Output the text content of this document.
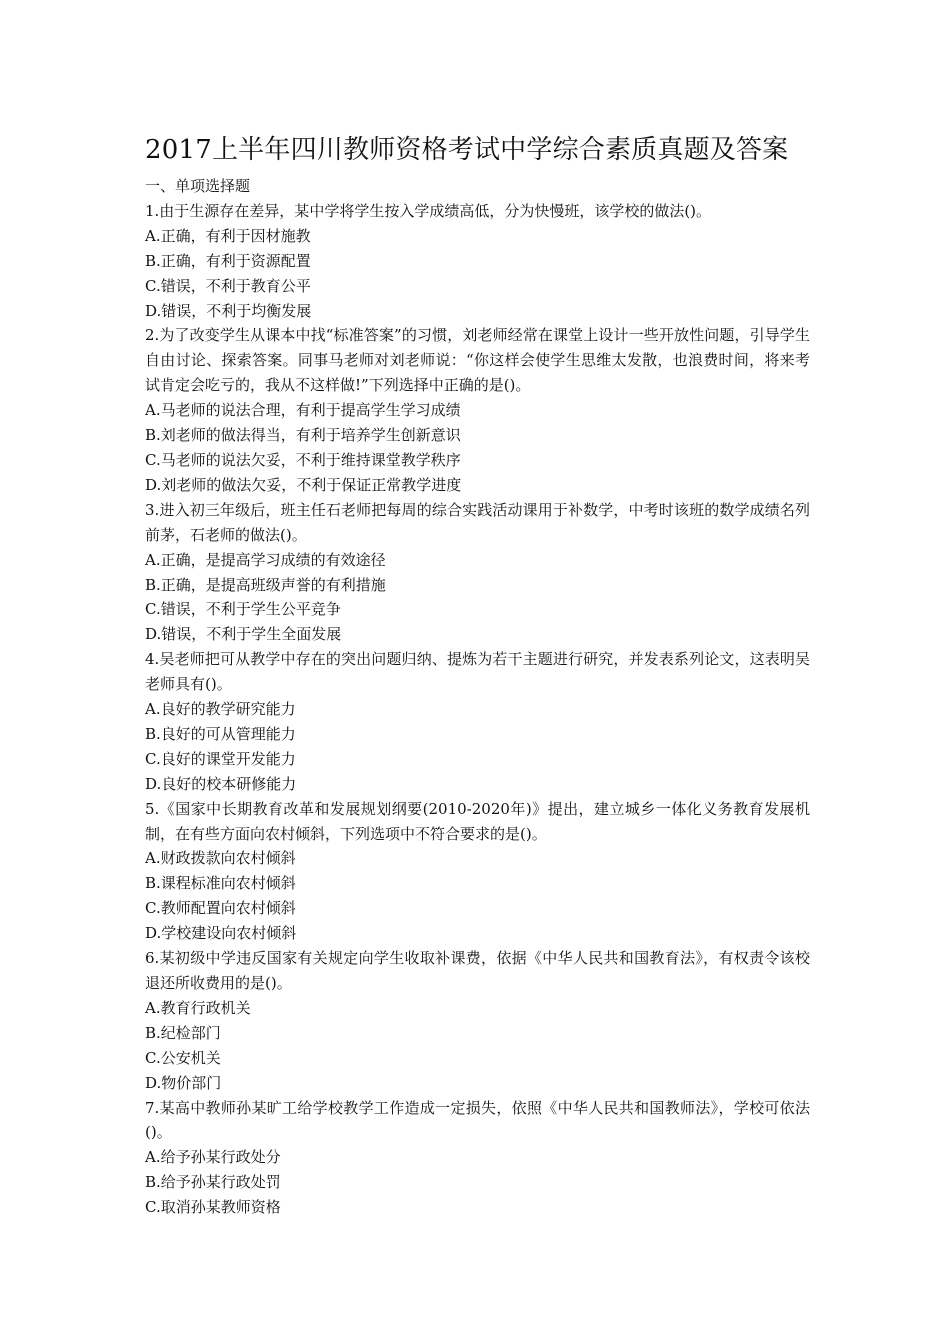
2017上半年四川教师资格考试中学综合素质真题及答案

一、单项选择题

1.由于生源存在差异，某中学将学生按入学成绩高低，分为快慢班，该学校的做法()。

A.正确，有利于因材施教

B.正确，有利于资源配置

C.错误，不利于教育公平

D.错误，不利于均衡发展

2.为了改变学生从课本中找“标准答案”的习惯，刘老师经常在课堂上设计一些开放性问题，引导学生自由讨论、探索答案。同事马老师对刘老师说：“你这样会使学生思维太发散，也浪费时间，将来考试肯定会吃亏的，我从不这样做!”下列选择中正确的是()。

A.马老师的说法合理，有利于提高学生学习成绩

B.刘老师的做法得当，有利于培养学生创新意识

C.马老师的说法欠妥，不利于维持课堂教学秩序

D.刘老师的做法欠妥，不利于保证正常教学进度

3.进入初三年级后，班主任石老师把每周的综合实践活动课用于补数学，中考时该班的数学成绩名列前茅，石老师的做法()。

A.正确，是提高学习成绩的有效途径

B.正确，是提高班级声誉的有利措施

C.错误，不利于学生公平竞争

D.错误，不利于学生全面发展

4.吴老师把可从教学中存在的突出问题归纳、提炼为若干主题进行研究，并发表系列论文，这表明吴老师具有()。

A.良好的教学研究能力

B.良好的可从管理能力

C.良好的课堂开发能力

D.良好的校本研修能力

5.《国家中长期教育改革和发展规划纲要(2010-2020年)》提出，建立城乡一体化义务教育发展机制，在有些方面向农村倾斜，下列选项中不符合要求的是()。

A.财政拨款向农村倾斜

B.课程标准向农村倾斜

C.教师配置向农村倾斜

D.学校建设向农村倾斜

6.某初级中学违反国家有关规定向学生收取补课费，依据《中华人民共和国教育法》，有权责令该校退还所收费用的是()。

A.教育行政机关

B.纪检部门

C.公安机关

D.物价部门

7.某高中教师孙某旷工给学校教学工作造成一定损失，依照《中华人民共和国教师法》，学校可依法()。

A.给予孙某行政处分

B.给予孙某行政处罚

C.取消孙某教师资格
